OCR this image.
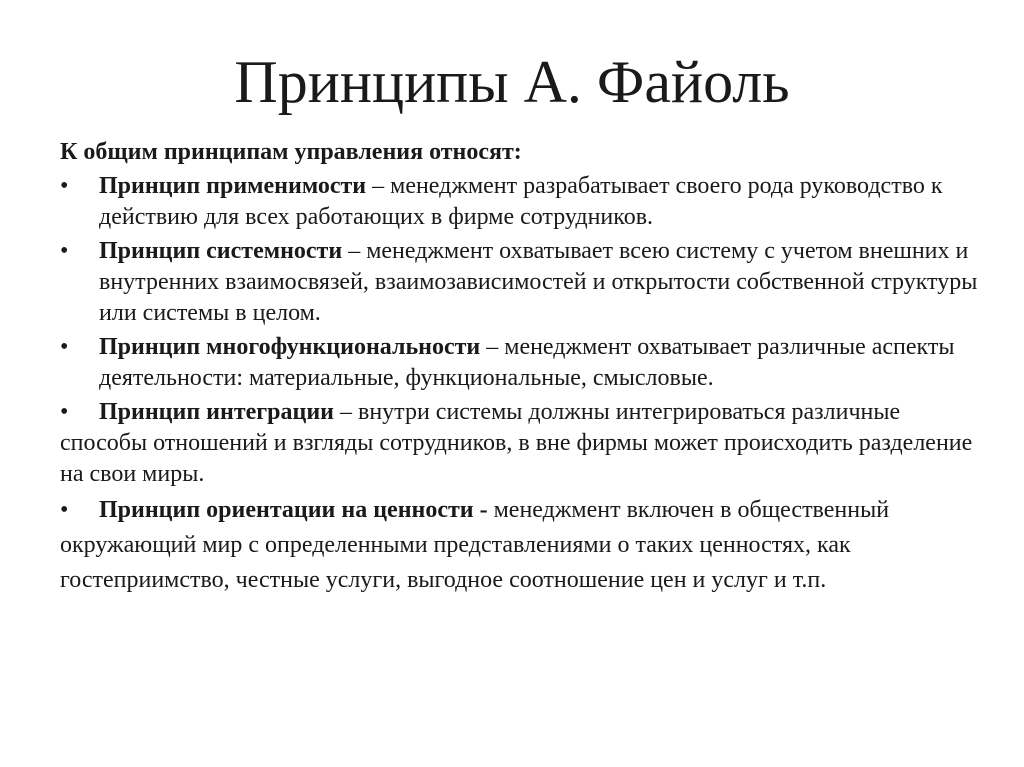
Принципы А. Файоль
К общим принципам управления относят:
•	Принцип применимости – менеджмент разрабатывает своего рода руководство к действию для всех работающих в фирме сотрудников.
•	Принцип системности – менеджмент охватывает всею систему с учетом внешних и внутренних взаимосвязей, взаимозависимостей и открытости собственной структуры или системы в целом.
•	Принцип многофункциональности – менеджмент охватывает различные аспекты деятельности: материальные, функциональные, смысловые.
• Принцип интеграции – внутри системы должны интегрироваться различные способы отношений и взгляды сотрудников, в вне фирмы может происходить разделение на свои миры.
• Принцип ориентации на ценности - менеджмент включен в общественный окружающий мир с определенными представлениями о таких ценностях, как гостеприимство, честные услуги, выгодное соотношение цен и услуг и т.п.
